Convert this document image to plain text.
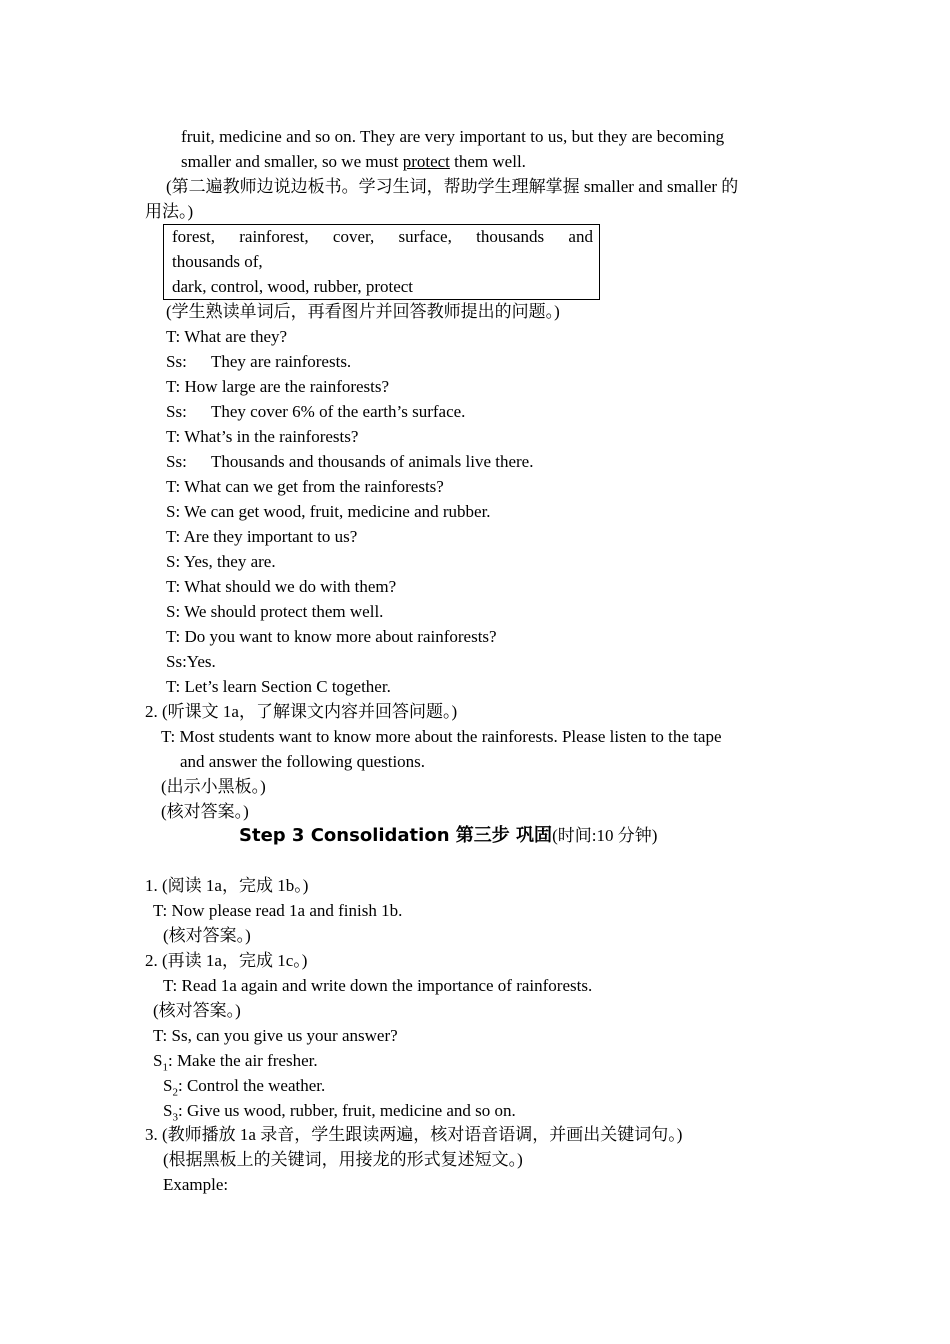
fruit, medicine and so on. They are very important to us, but they are becoming
smaller and smaller, so we must protect them well.
(第二遍教师边说边板书。学习生词，帮助学生理解掌握 smaller and smaller 的
用法。)
forest, rainforest, cover, surface, thousands and
thousands of,
dark, control, wood, rubber, protect
(学生熟读单词后，再看图片并回答教师提出的问题。)
T: What are they?
Ss: They are rainforests.
T: How large are the rainforests?
Ss: They cover 6% of the earth’s surface.
T: What’s in the rainforests?
Ss: Thousands and thousands of animals live there.
T: What can we get from the rainforests?
S: We can get wood, fruit, medicine and rubber.
T: Are they important to us?
S: Yes, they are.
T: What should we do with them?
S: We should protect them well.
T: Do you want to know more about rainforests?
Ss:Yes.
T: Let’s learn Section C together.
2. (听课文 1a，了解课文内容并回答问题。)
T: Most students want to know more about the rainforests. Please listen to the tape
and answer the following questions.
(出示小黑板。)
(核对答案。)
Step 3 Consolidation 第三步 巩固(时间:10 分钟)
1. (阅读 1a，完成 1b。)
T: Now please read 1a and finish 1b.
(核对答案。)
2. (再读 1a，完成 1c。)
T: Read 1a again and write down the importance of rainforests.
(核对答案。)
T: Ss, can you give us your answer?
$S_1$: Make the air fresher.
$S_2$: Control the weather.
$S_3$: Give us wood, rubber, fruit, medicine and so on.
3. (教师播放 1a 录音，学生跟读两遍，核对语音语调，并画出关键词句。)
(根据黑板上的关键词，用接龙的形式复述短文。)
Example:
